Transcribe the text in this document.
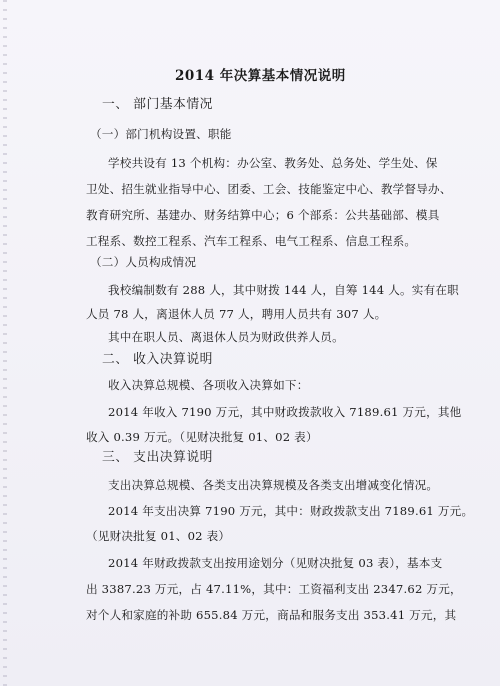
2014 年决算基本情况说明
一、 部门基本情况
（一）部门机构设置、职能
学校共设有 13 个机构：办公室、教务处、总务处、学生处、保
卫处、招生就业指导中心、团委、工会、技能鉴定中心、教学督导办、
教育研究所、基建办、财务结算中心；6 个部系：公共基础部、模具
工程系、数控工程系、汽车工程系、电气工程系、信息工程系。
（二）人员构成情况
我校编制数有 288 人，其中财拨 144 人，自筹 144 人。实有在职
人员 78 人，离退休人员 77 人，聘用人员共有 307 人。
其中在职人员、离退休人员为财政供养人员。
二、 收入决算说明
收入决算总规模、各项收入决算如下：
2014 年收入 7190 万元，其中财政拨款收入 7189.61 万元，其他
收入 0.39 万元。（见财决批复 01、02 表）
三、 支出决算说明
支出决算总规模、各类支出决算规模及各类支出增减变化情况。
2014 年支出决算 7190 万元，其中：财政拨款支出 7189.61 万元。
（见财决批复 01、02 表）
2014 年财政拨款支出按用途划分（见财决批复 03 表），基本支
出 3387.23 万元，占 47.11%，其中：工资福利支出 2347.62 万元，
对个人和家庭的补助 655.84 万元，商品和服务支出 353.41 万元，其
